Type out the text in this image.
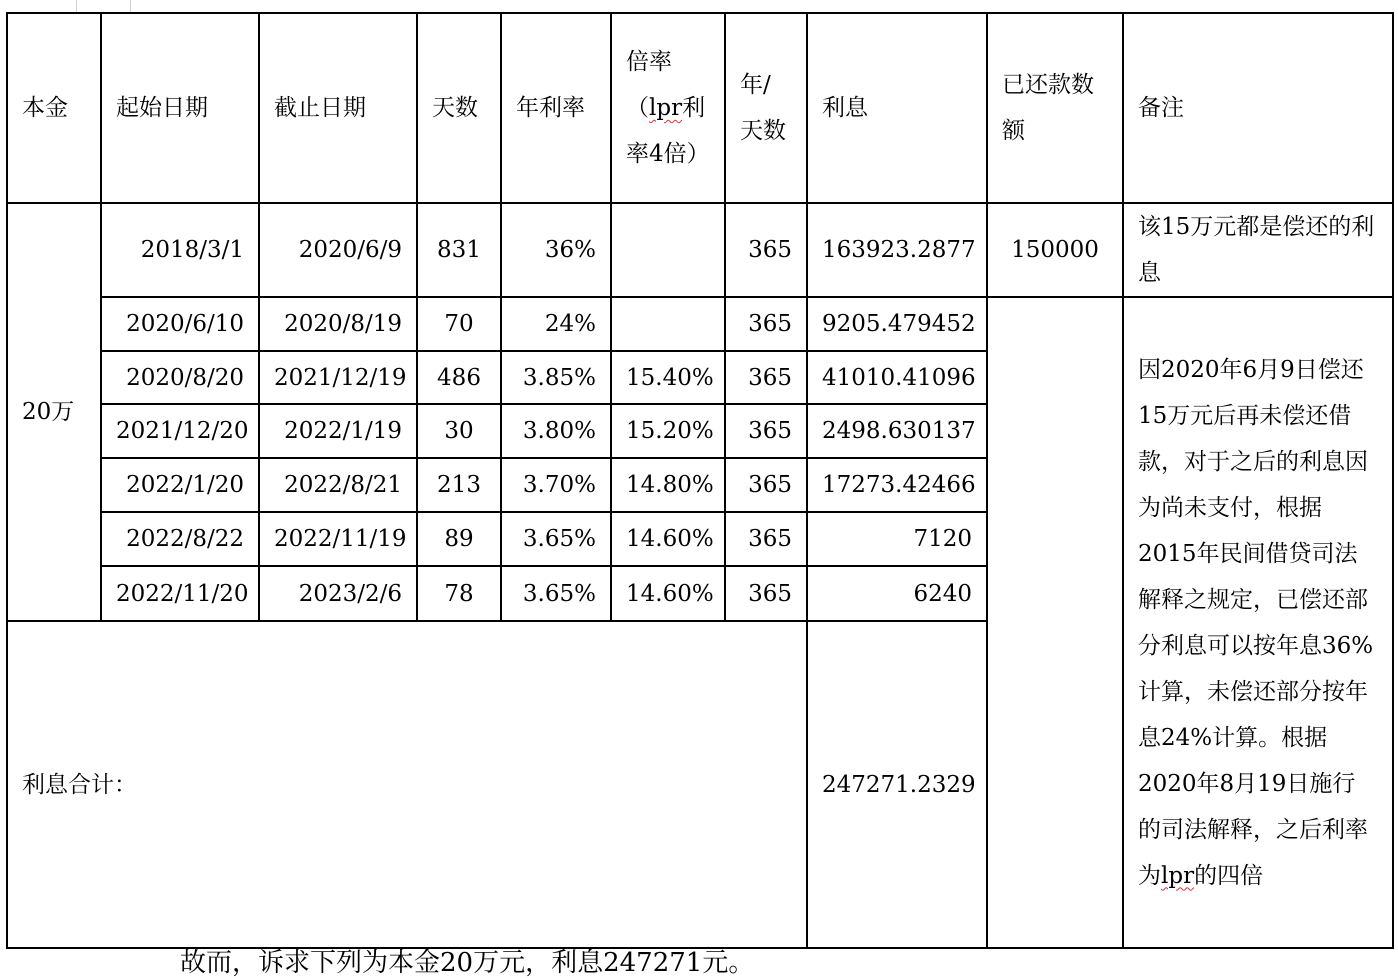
本金	起始日期	截止日期	天数	年利率	倍率（lpr利率4倍）	年/天数	利息	已还款数额	备注
20万	2018/3/1	2020/6/9	831	36%		365	163923.2877	150000	该15万元都是偿还的利息
	2020/6/10	2020/8/19	70	24%		365	9205.479452		因2020年6月9日偿还15万元后再未偿还借款，对于之后的利息因为尚未支付，根据2015年民间借贷司法解释之规定，已偿还部分利息可以按年息36%计算，未偿还部分按年息24%计算。根据2020年8月19日施行的司法解释，之后利率为lpr的四倍
	2020/8/20	2021/12/19	486	3.85%	15.40%	365	41010.41096		
	2021/12/20	2022/1/19	30	3.80%	15.20%	365	2498.630137		
	2022/1/20	2022/8/21	213	3.70%	14.80%	365	17273.42466		
	2022/8/22	2022/11/19	89	3.65%	14.60%	365	7120		
	2022/11/20	2023/2/6	78	3.65%	14.60%	365	6240		
利息合计：							247271.2329		
故而，诉求下列为本金20万元，利息247271元。
